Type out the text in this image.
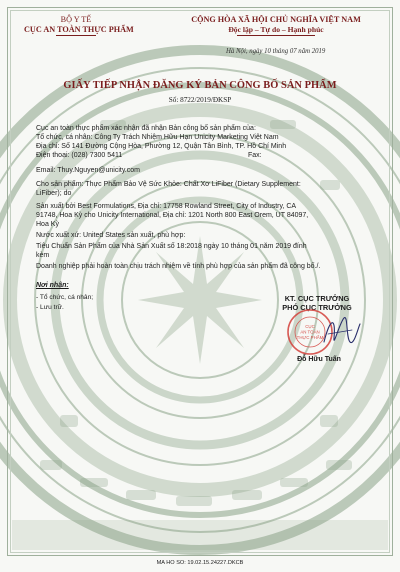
BỘ Y TẾ
CỤC AN TOÀN THỰC PHẨM
CỘNG HÒA XÃ HỘI CHỦ NGHĨA VIỆT NAM
Độc lập – Tự do – Hạnh phúc
Hà Nội, ngày 10 tháng 07 năm 2019
GIẤY TIẾP NHẬN ĐĂNG KÝ BẢN CÔNG BỐ SẢN PHẨM
Số: 8722/2019/ĐKSP
Cục an toàn thực phẩm xác nhận đã nhận Bản công bố sản phẩm của:
Tổ chức, cá nhân: Công Ty Trách Nhiệm Hữu Hạn Unicity Marketing Việt Nam
Địa chỉ: Số 141 Đường Cộng Hòa, Phường 12, Quận Tân Bình, TP. Hồ Chí Minh
Điện thoại: (028) 7300 5411	Fax:
Email: Thuy.Nguyen@unicity.com
Cho sản phẩm: Thực Phẩm Bảo Vệ Sức Khỏe: Chất Xơ LiFiber (Dietary Supplement:
LiFiber); do
Sản xuất bởi Best Formulations, Địa chỉ: 17758 Rowland Street, City of Industry, CA
91748, Hoa Kỳ cho Unicity International, Địa chỉ: 1201 North 800 East Orem, UT 84097,
Hoa Kỳ
Nước xuất xứ: United States sản xuất, phù hợp:
Tiêu Chuẩn Sản Phẩm của Nhà Sản Xuất số 18:2018 ngày 10 tháng 01 năm 2019 đính
kèm
Doanh nghiệp phải hoàn toàn chịu trách nhiệm về tính phù hợp của sản phẩm đã công bố./.
Nơi nhận:
- Tổ chức, cá nhân;
- Lưu trữ.
KT. CỤC TRƯỞNG
PHÓ CỤC TRƯỞNG
CỤC
AN TOÀN
THỰC PHẨM
Đỗ Hữu Tuấn
MA HO SO: 19.02.15.24227.DKCB
